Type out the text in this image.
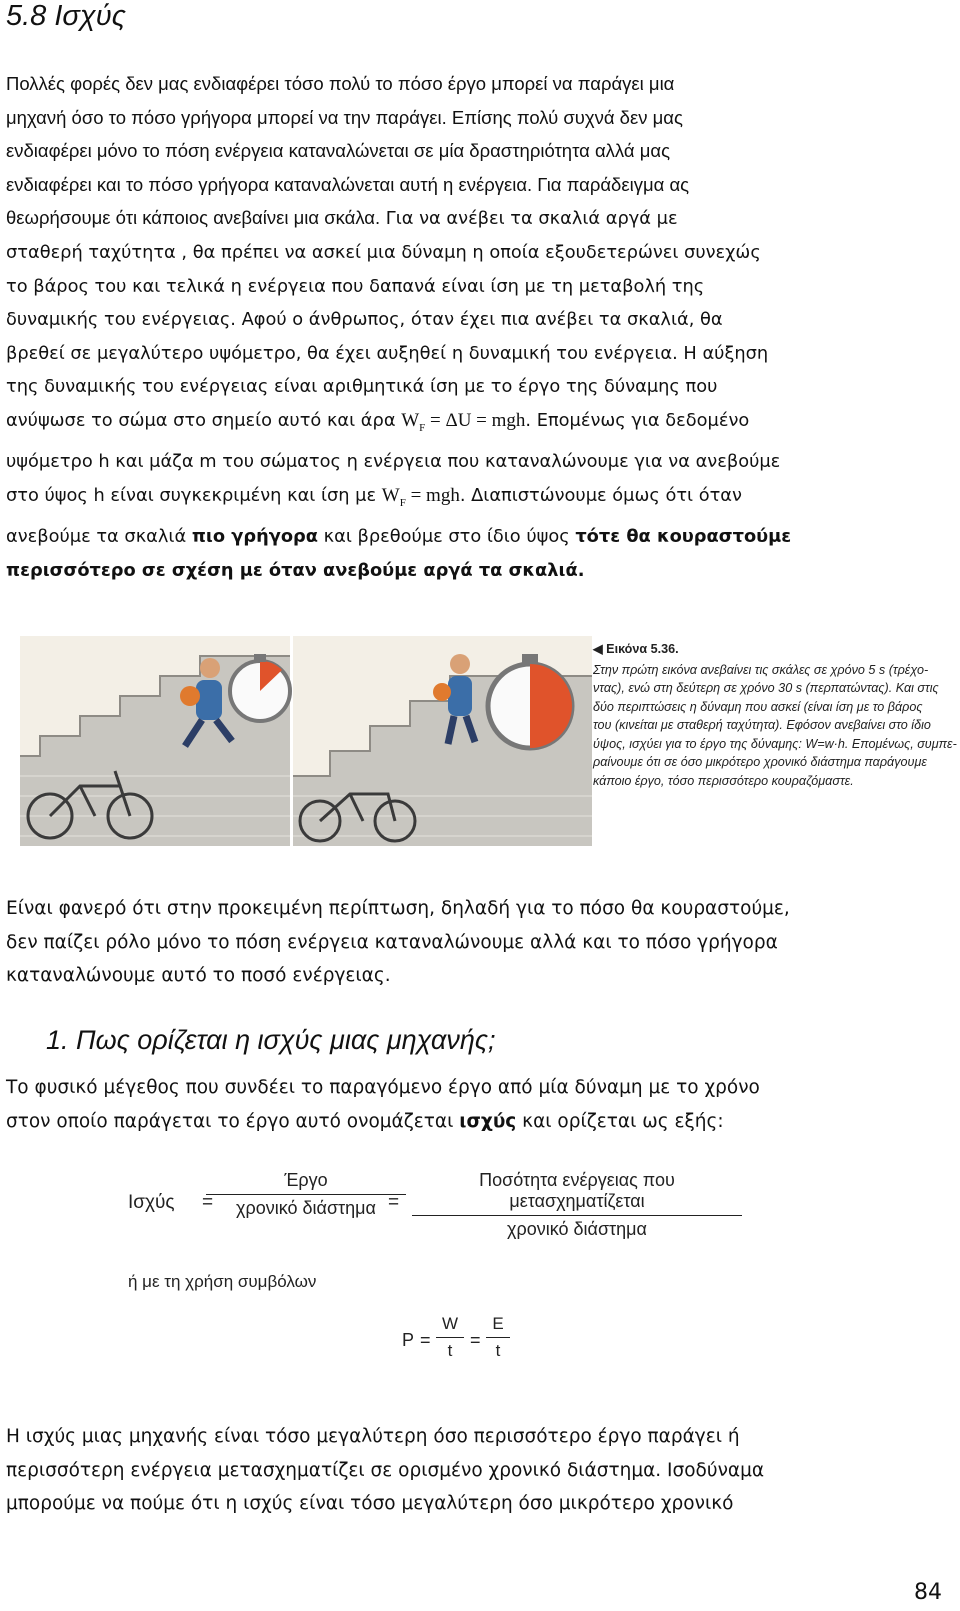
5.8 Ισχύς
Πολλές φορές δεν μας ενδιαφέρει τόσο πολύ το πόσο έργο μπορεί να παράγει μια
μηχανή όσο το πόσο γρήγορα μπορεί να την παράγει. Επίσης πολύ συχνά δεν μας
ενδιαφέρει μόνο το πόση ενέργεια καταναλώνεται σε μία δραστηριότητα αλλά μας
ενδιαφέρει και το πόσο γρήγορα καταναλώνεται αυτή η ενέργεια. Για παράδειγμα ας
θεωρήσουμε ότι κάποιος ανεβαίνει μια σκάλα. Για να ανέβει τα σκαλιά αργά με
σταθερή ταχύτητα , θα πρέπει να ασκεί μια δύναμη η οποία εξουδετερώνει συνεχώς
το βάρος του και τελικά η ενέργεια που δαπανά είναι ίση με τη μεταβολή της
δυναμικής του ενέργειας. Αφού ο άνθρωπος, όταν έχει πια ανέβει τα σκαλιά, θα
βρεθεί σε μεγαλύτερο υψόμετρο, θα έχει αυξηθεί η δυναμική του ενέργεια. Η αύξηση
της δυναμικής του ενέργειας είναι αριθμητικά ίση με το έργο της δύναμης που
ανύψωσε το σώμα στο σημείο αυτό και άρα $W_F = \Delta U$ = mgh. Επομένως για δεδομένο
υψόμετρο h και μάζα m του σώματος η ενέργεια που καταναλώνουμε για να ανεβούμε
στο ύψος h είναι συγκεκριμένη και ίση με $W_F$ = mgh. Διαπιστώνουμε όμως ότι όταν
ανεβούμε τα σκαλιά πιο γρήγορα και βρεθούμε στο ίδιο ύψος τότε θα κουραστούμε
περισσότερο σε σχέση με όταν ανεβούμε αργά τα σκαλιά.
◀ Εικόνα 5.36.
Στην πρώτη εικόνα ανεβαίνει τις σκάλες σε χρόνο 5 s (τρέχο-
ντας), ενώ στη δεύτερη σε χρόνο 30 s (περπατώντας). Και στις
δύο περιπτώσεις η δύναμη που ασκεί (είναι ίση με το βάρος
του (κινείται με σταθερή ταχύτητα). Εφόσον ανεβαίνει στο ίδιο
ύψος, ισχύει για το έργο της δύναμης: W=w·h. Επομένως, συμπε-
ραίνουμε ότι σε όσο μικρότερο χρονικό διάστημα παράγουμε
κάποιο έργο, τόσο περισσότερο κουραζόμαστε.
Είναι φανερό ότι στην προκειμένη περίπτωση, δηλαδή για το πόσο θα κουραστούμε,
δεν παίζει ρόλο μόνο το πόση ενέργεια καταναλώνουμε αλλά και το πόσο γρήγορα
καταναλώνουμε αυτό το ποσό ενέργειας.
1. Πως ορίζεται η ισχύς μιας μηχανής;
Το φυσικό μέγεθος που συνδέει το παραγόμενο έργο από μία δύναμη με το χρόνο
στον οποίο παράγεται το έργο αυτό ονομάζεται ισχύς και ορίζεται ως εξής:
Ισχύς =
Έργο
χρονικό διάστημα =
Ποσότητα ενέργειας που μετασχηματίζεται
χρονικό διάστημα
ή με τη χρήση συμβόλων
$P = \frac{W}{t} = \frac{E}{t}$
Η ισχύς μιας μηχανής είναι τόσο μεγαλύτερη όσο περισσότερο έργο παράγει ή
περισσότερη ενέργεια μετασχηματίζει σε ορισμένο χρονικό διάστημα. Ισοδύναμα
μπορούμε να πούμε ότι η ισχύς είναι τόσο μεγαλύτερη όσο μικρότερο χρονικό
84
